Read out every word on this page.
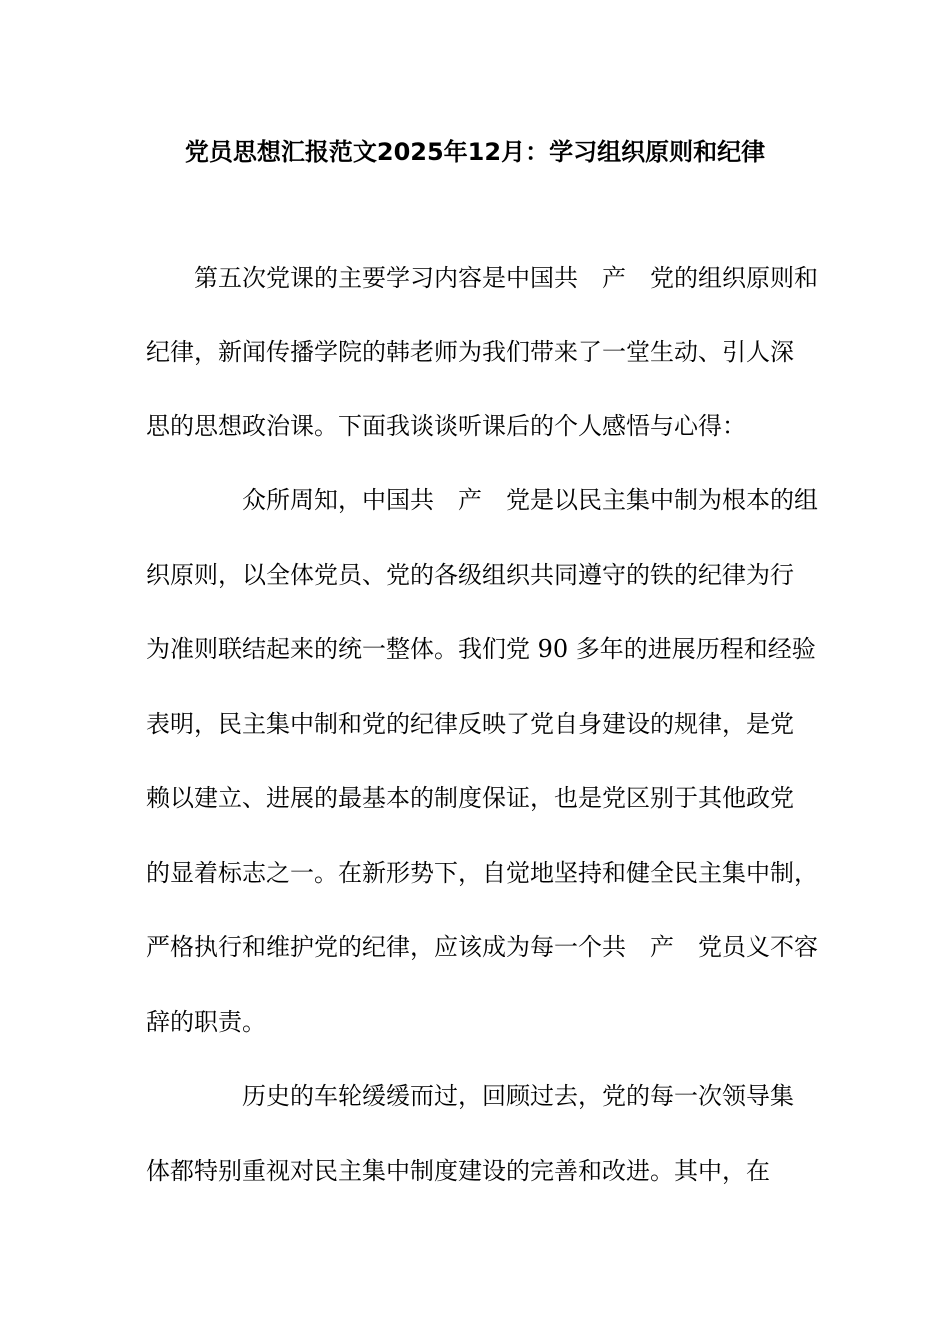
党员思想汇报范文2025年12月：学习组织原则和纪律

第五次党课的主要学习内容是中国共　产　党的组织原则和

纪律，新闻传播学院的韩老师为我们带来了一堂生动、引人深

思的思想政治课。下面我谈谈听课后的个人感悟与心得：

众所周知，中国共　产　党是以民主集中制为根本的组

织原则，以全体党员、党的各级组织共同遵守的铁的纪律为行

为准则联结起来的统一整体。我们党 90 多年的进展历程和经验

表明，民主集中制和党的纪律反映了党自身建设的规律，是党

赖以建立、进展的最基本的制度保证，也是党区别于其他政党

的显着标志之一。在新形势下，自觉地坚持和健全民主集中制，

严格执行和维护党的纪律，应该成为每一个共　产　党员义不容

辞的职责。

历史的车轮缓缓而过，回顾过去，党的每一次领导集

体都特别重视对民主集中制度建设的完善和改进。其中，在
